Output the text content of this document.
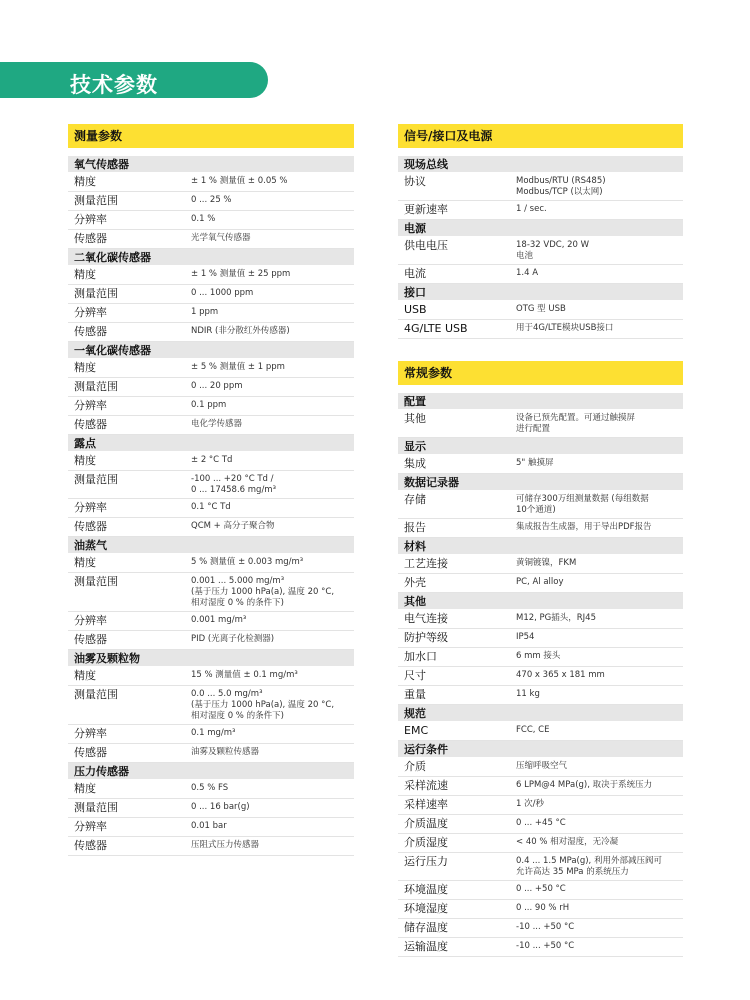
技术参数
测量参数
氧气传感器
精度	± 1 % 测量值 ± 0.05 %
测量范围	0 ... 25 %
分辨率	0.1 %
传感器	光学氧气传感器
二氧化碳传感器
精度	± 1 % 测量值 ± 25 ppm
测量范围	0 ... 1000 ppm
分辨率	1 ppm
传感器	NDIR (非分散红外传感器)
一氧化碳传感器
精度	± 5 % 测量值 ± 1 ppm
测量范围	0 ... 20 ppm
分辨率	0.1 ppm
传感器	电化学传感器
露点
精度	± 2 °C Td
测量范围	-100 ... +20 °C Td /
0 ... 17458.6 mg/m³
分辨率	0.1 °C Td
传感器	QCM + 高分子聚合物
油蒸气
精度	5 % 测量值 ± 0.003 mg/m³
测量范围	0.001 ... 5.000 mg/m³
(基于压力 1000 hPa(a), 温度 20 °C,
相对湿度 0 % 的条件下)
分辨率	0.001 mg/m³
传感器	PID (光离子化检测器)
油雾及颗粒物
精度	15 % 测量值 ± 0.1 mg/m³
测量范围	0.0 ... 5.0 mg/m³
(基于压力 1000 hPa(a), 温度 20 °C,
相对湿度 0 % 的条件下)
分辨率	0.1 mg/m³
传感器	油雾及颗粒传感器
压力传感器
精度	0.5 % FS
测量范围	0 ... 16 bar(g)
分辨率	0.01 bar
传感器	压阻式压力传感器
信号/接口及电源
现场总线
协议	Modbus/RTU (RS485)
Modbus/TCP (以太网)
更新速率	1 / sec.
电源
供电电压	18-32 VDC, 20 W
电池
电流	1.4 A
接口
USB	OTG 型 USB
4G/LTE USB	用于4G/LTE模块USB接口
常规参数
配置
其他	设备已预先配置。可通过触摸屏
进行配置
显示
集成	5" 触摸屏
数据记录器
存储	可储存300万组测量数据 (每组数据
10个通道)
报告	集成报告生成器，用于导出PDF报告
材料
工艺连接	黄铜镀镍，FKM
外壳	PC, Al alloy
其他
电气连接	M12, PG插头，RJ45
防护等级	IP54
加水口	6 mm 接头
尺寸	470 x 365 x 181 mm
重量	11 kg
规范
EMC	FCC, CE
运行条件
介质	压缩呼吸空气
采样流速	6 LPM@4 MPa(g), 取决于系统压力
采样速率	1 次/秒
介质温度	0 ... +45 °C
介质湿度	< 40 % 相对湿度，无冷凝
运行压力	0.4 ... 1.5 MPa(g), 利用外部减压阀可
允许高达 35 MPa 的系统压力
环境温度	0 ... +50 °C
环境湿度	0 ... 90 % rH
储存温度	-10 ... +50 °C
运输温度	-10 ... +50 °C
